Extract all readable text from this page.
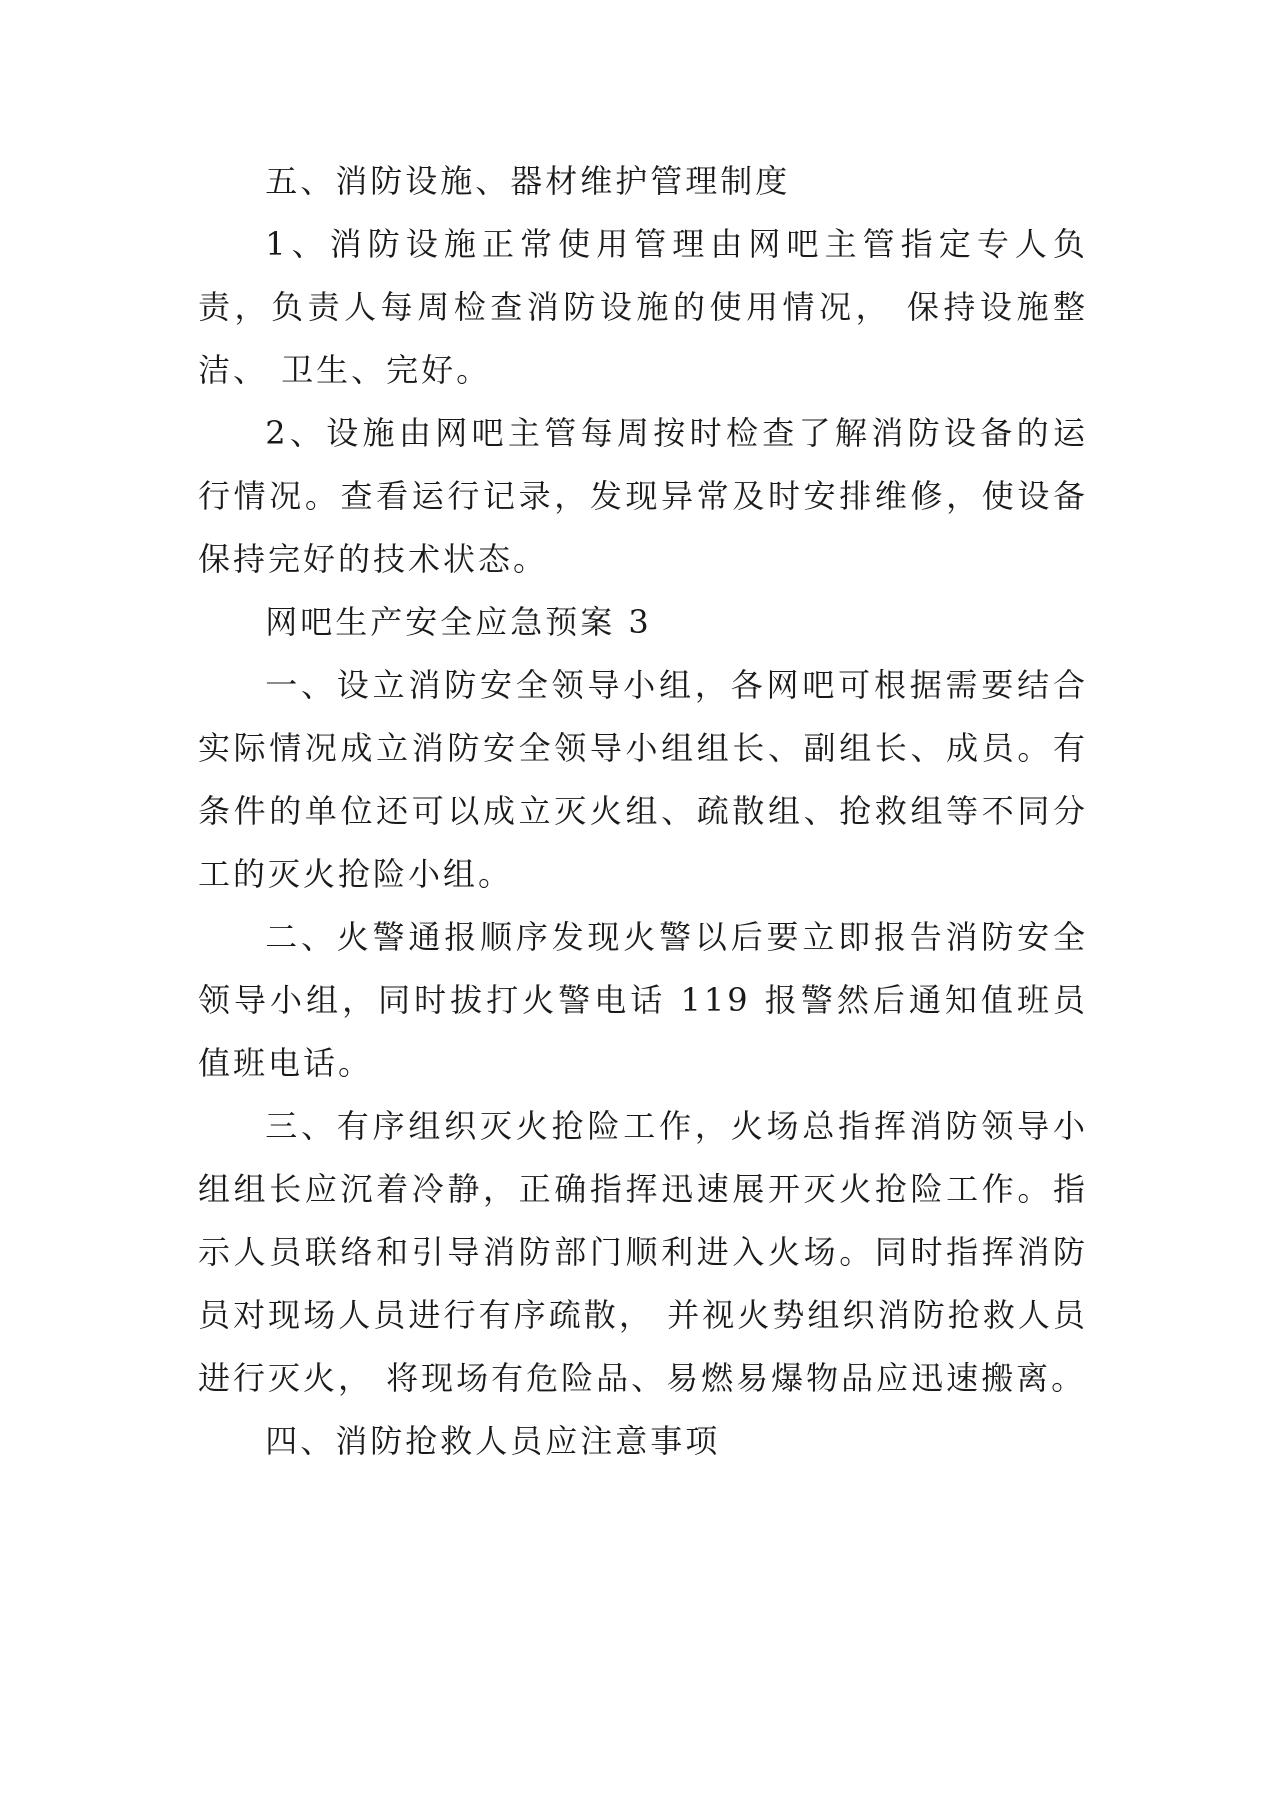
五、消防设施、器材维护管理制度

1、消防设施正常使用管理由网吧主管指定专人负责，负责人每周检查消防设施的使用情况， 保持设施整洁、 卫生、完好。

2、设施由网吧主管每周按时检查了解消防设备的运行情况。查看运行记录，发现异常及时安排维修，使设备保持完好的技术状态。

网吧生产安全应急预案 3

一、设立消防安全领导小组，各网吧可根据需要结合实际情况成立消防安全领导小组组长、副组长、成员。有条件的单位还可以成立灭火组、疏散组、抢救组等不同分工的灭火抢险小组。

二、火警通报顺序发现火警以后要立即报告消防安全领导小组，同时拔打火警电话 119 报警然后通知值班员值班电话。

三、有序组织灭火抢险工作，火场总指挥消防领导小组组长应沉着冷静，正确指挥迅速展开灭火抢险工作。指示人员联络和引导消防部门顺利进入火场。同时指挥消防员对现场人员进行有序疏散， 并视火势组织消防抢救人员进行灭火， 将现场有危险品、易燃易爆物品应迅速搬离。

四、消防抢救人员应注意事项
